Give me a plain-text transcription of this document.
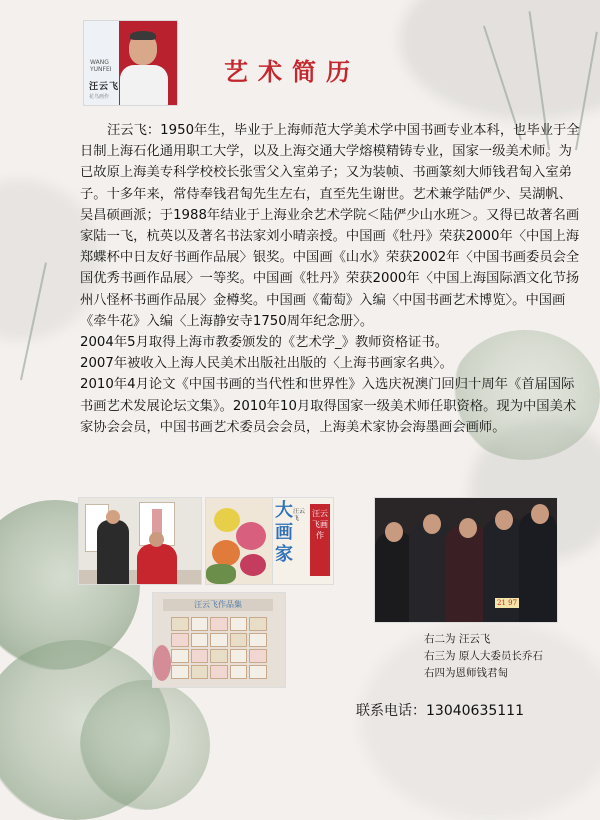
WANG
YUNFEI
汪云飞
花鸟画作
艺术简历

汪云飞：1950年生，毕业于上海师范大学美术学中国书画专业本科，也毕业于全日制上海石化通用职工大学，以及上海交通大学熔模精铸专业，国家一级美术师。为已故原上海美专科学校校长张雪父入室弟子；又为装帧、书画篆刻大师钱君匋入室弟子。十多年来，常侍奉钱君匋先生左右，直至先生谢世。艺术兼学陆俨少、吴湖帆、吴昌硕画派；于1988年结业于上海业余艺术学院＜陆俨少山水班＞。又得已故著名画家陆一飞，杭英以及著名书法家刘小晴亲授。中国画《牡丹》荣获2000年〈中国上海郑蝶杯中日友好书画作品展〉银奖。中国画《山水》荣获2002年〈中国书画委员会全国优秀书画作品展〉一等奖。中国画《牡丹》荣获2000年〈中国上海国际酒文化节扬州八怪杯书画作品展〉金樽奖。中国画《葡萄》入编〈中国书画艺术博览〉。中国画《牵牛花》入编〈上海静安寺1750周年纪念册〉。

2004年5月取得上海市教委颁发的《艺术学_》教师资格证书。

2007年被收入上海人民美术出版社出版的〈上海书画家名典〉。

2010年4月论文《中国书画的当代性和世界性》入选庆祝澳门回归十周年《首届国际书画艺术发展论坛文集》。2010年10月取得国家一级美术师任职资格。现为中国美术家协会会员，中国书画艺术委员会会员，上海美术家协会海墨画会画师。

大画家
汪云飞
汪云飞画作
汪云飞作品集	21 97
右二为 汪云飞
右三为 原人大委员长乔石
右四为恩师钱君匋
联系电话：13040635111
